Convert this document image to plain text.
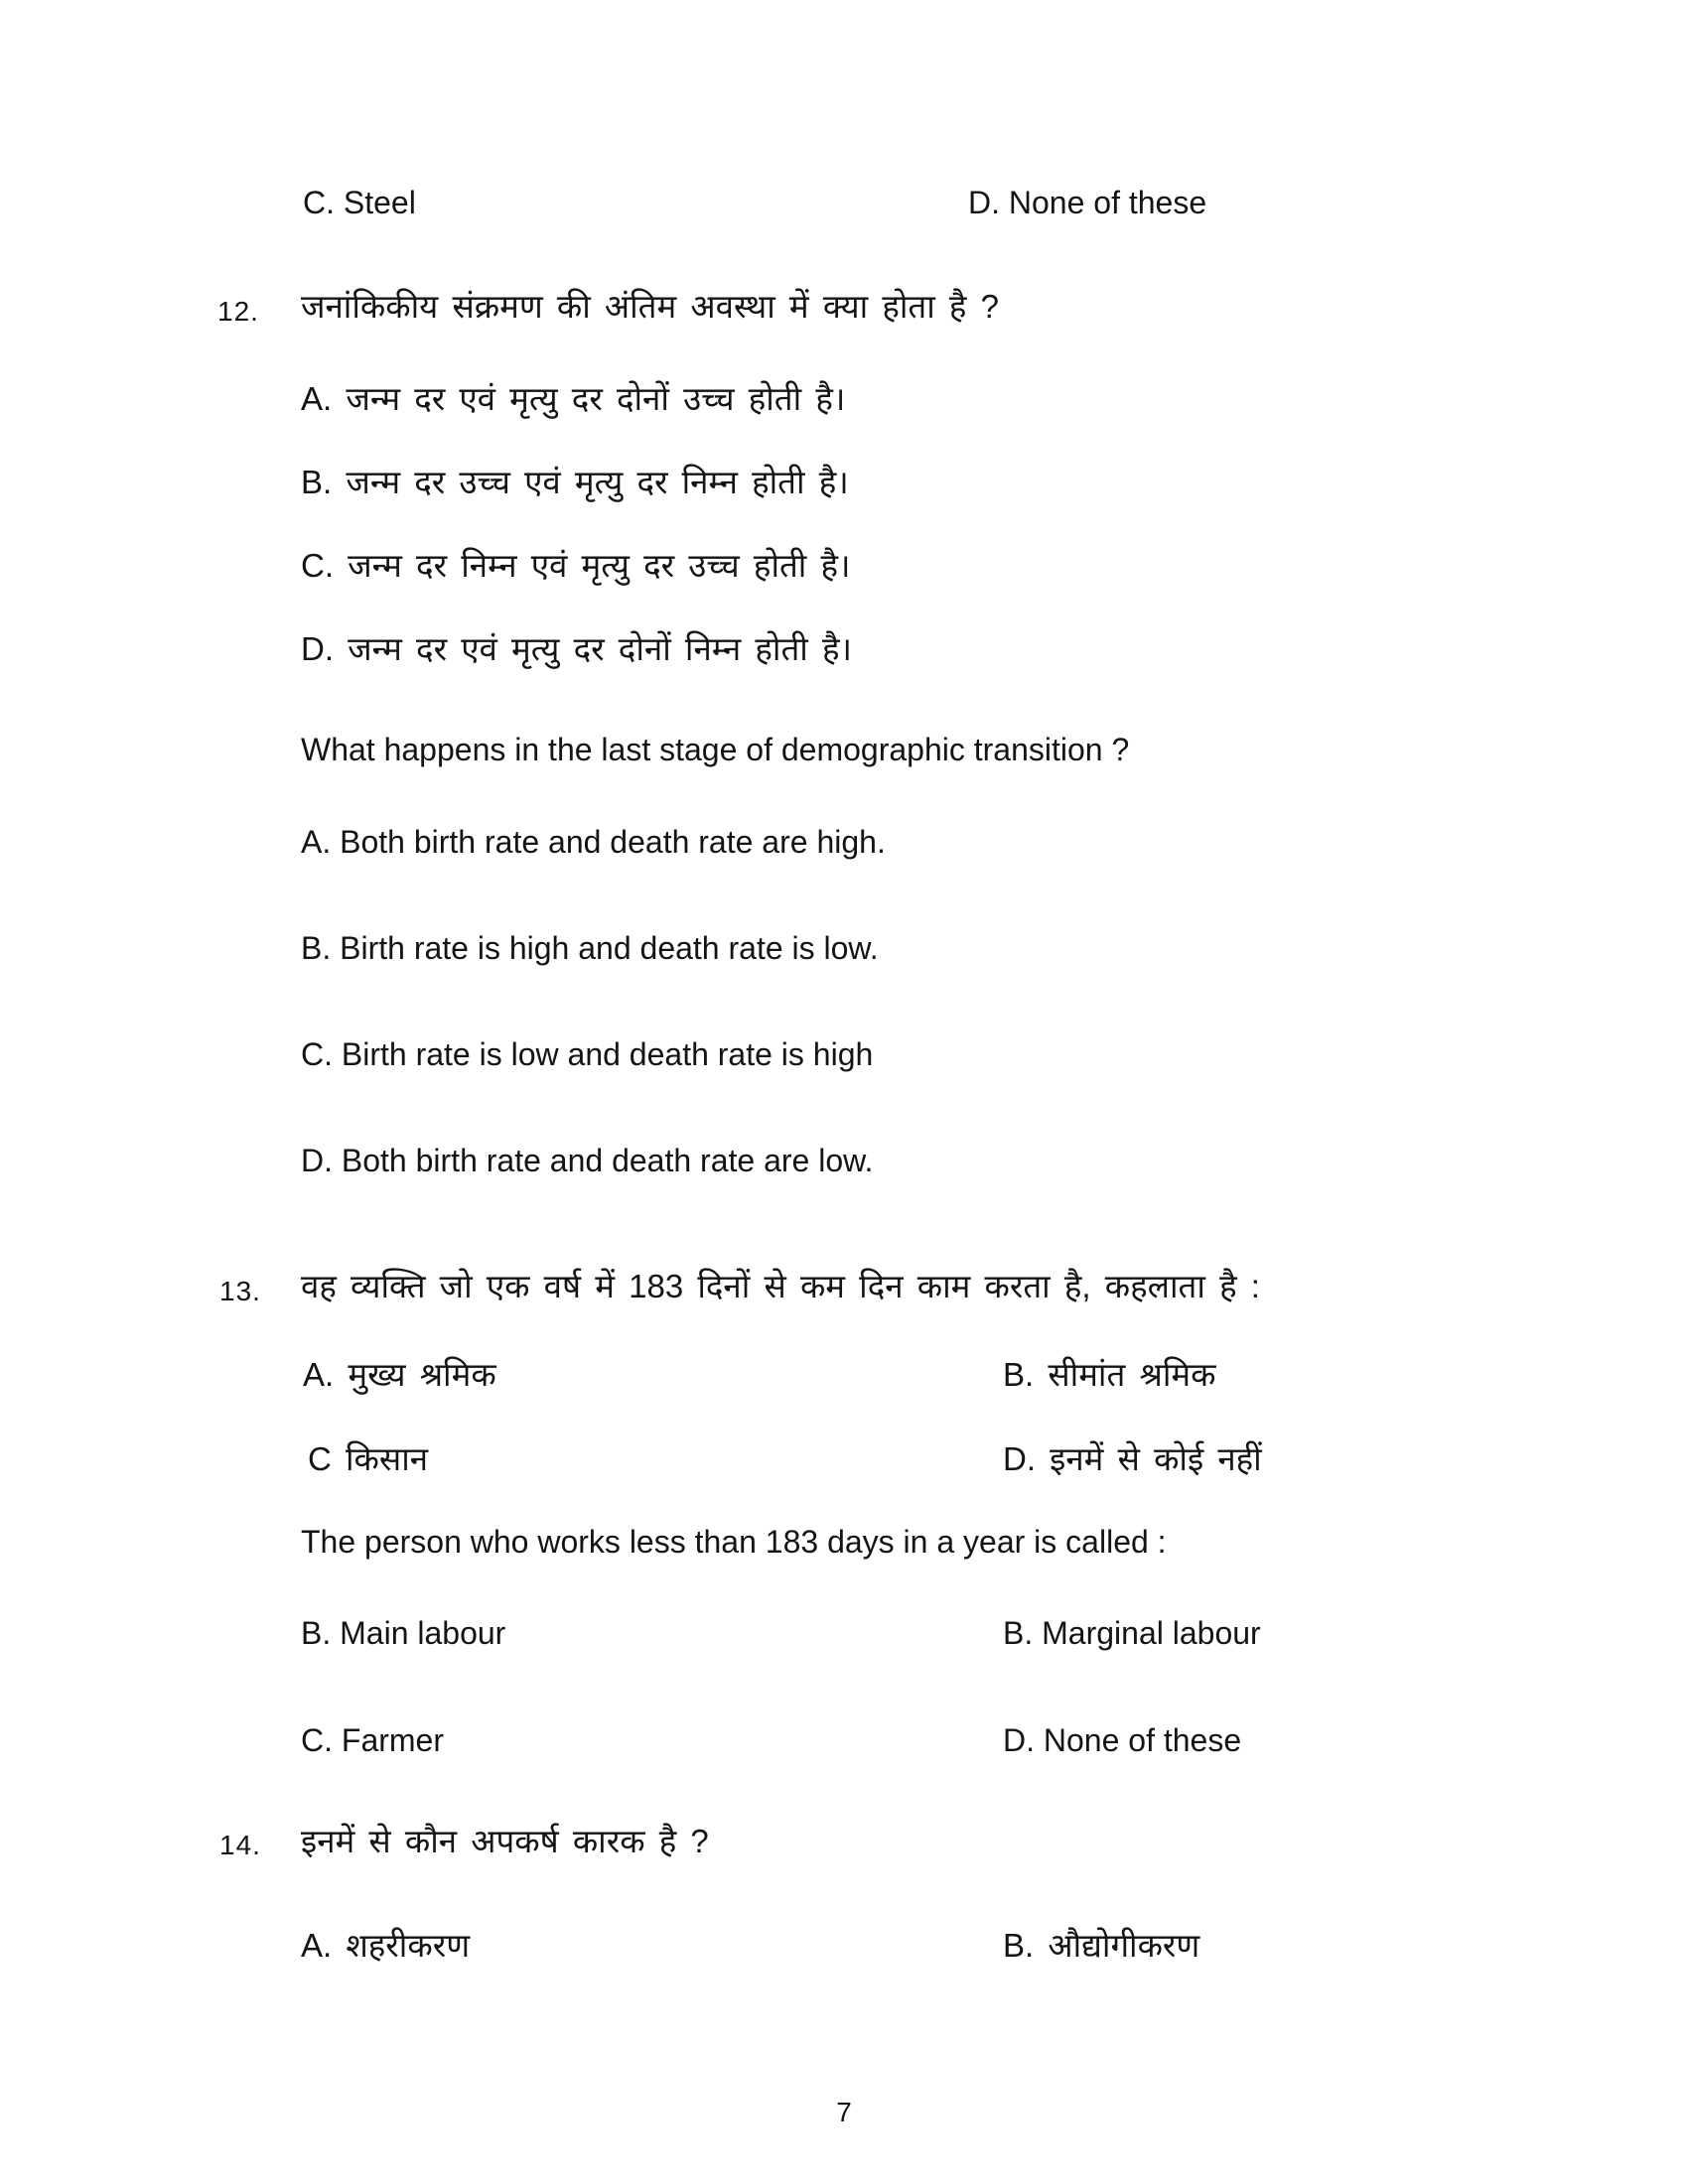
C. Steel	D. None of these
12. जनांकिकीय संक्रमण की अंतिम अवस्था में क्या होता है ?
A. जन्म दर एवं मृत्यु दर दोनों उच्च होती है।
B. जन्म दर उच्च एवं मृत्यु दर निम्न होती है।
C. जन्म दर निम्न एवं मृत्यु दर उच्च होती है।
D. जन्म दर एवं मृत्यु दर दोनों निम्न होती है।
What happens in the last stage of demographic transition ?
A. Both birth rate and death rate are high.
B. Birth rate is high and death rate is low.
C. Birth rate is low and death rate is high
D. Both birth rate and death rate are low.
13. वह व्यक्ति जो एक वर्ष में 183 दिनों से कम दिन काम करता है, कहलाता है :
A. मुख्य श्रमिक	B. सीमांत श्रमिक
C किसान	D. इनमें से कोई नहीं
The person who works less than 183 days in a year is called :
B. Main labour	B. Marginal labour
C. Farmer	D. None of these
14. इनमें से कौन अपकर्ष कारक है ?
A. शहरीकरण	B. औद्योगीकरण
7
